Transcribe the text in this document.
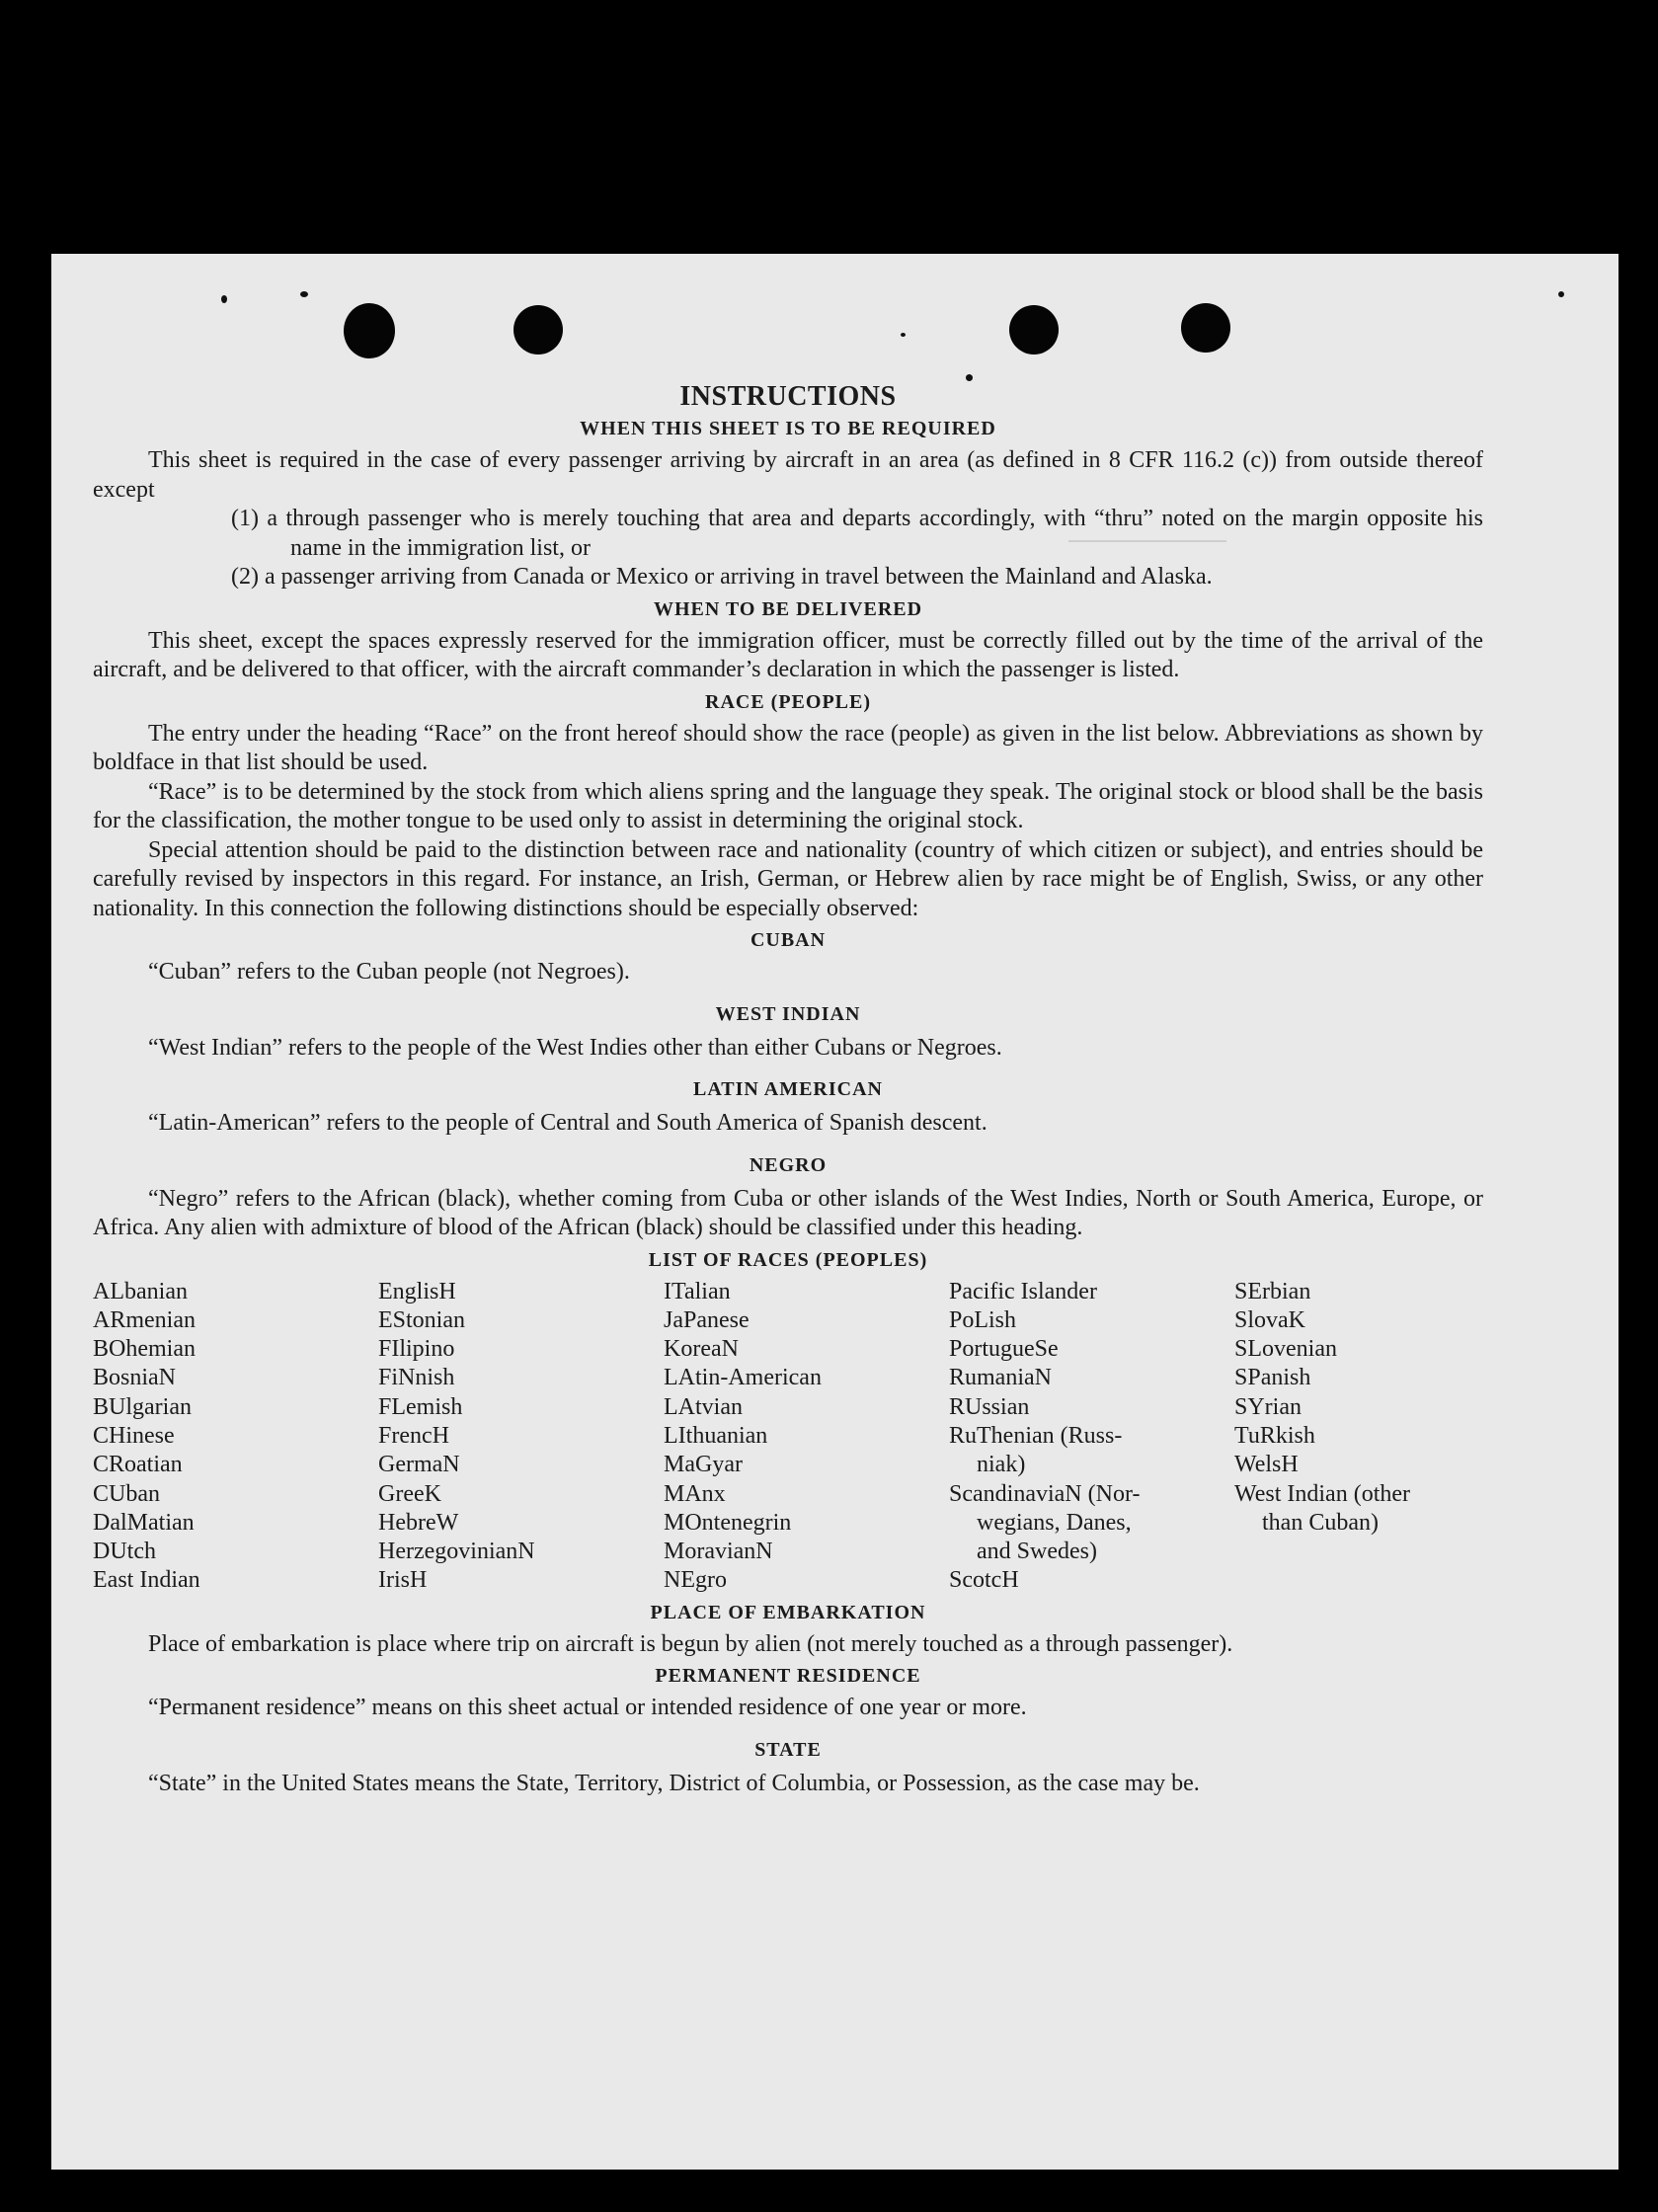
INSTRUCTIONS
WHEN THIS SHEET IS TO BE REQUIRED

This sheet is required in the case of every passenger arriving by aircraft in an area (as defined in 8 CFR 116.2 (c)) from outside thereof except

(1) a through passenger who is merely touching that area and departs accordingly, with “thru” noted on the margin opposite his name in the immigration list, or

(2) a passenger arriving from Canada or Mexico or arriving in travel between the Mainland and Alaska.

WHEN TO BE DELIVERED

This sheet, except the spaces expressly reserved for the immigration officer, must be correctly filled out by the time of the arrival of the aircraft, and be delivered to that officer, with the aircraft commander’s declaration in which the passenger is listed.

RACE (PEOPLE)

The entry under the heading “Race” on the front hereof should show the race (people) as given in the list below. Abbreviations as shown by boldface in that list should be used.

“Race” is to be determined by the stock from which aliens spring and the language they speak. The original stock or blood shall be the basis for the classification, the mother tongue to be used only to assist in determining the original stock.

Special attention should be paid to the distinction between race and nationality (country of which citizen or subject), and entries should be carefully revised by inspectors in this regard. For instance, an Irish, German, or Hebrew alien by race might be of English, Swiss, or any other nationality. In this connection the following distinctions should be especially observed:

CUBAN

“Cuban” refers to the Cuban people (not Negroes).

WEST INDIAN

“West Indian” refers to the people of the West Indies other than either Cubans or Negroes.

LATIN AMERICAN

“Latin-American” refers to the people of Central and South America of Spanish descent.

NEGRO

“Negro” refers to the African (black), whether coming from Cuba or other islands of the West Indies, North or South America, Europe, or Africa. Any alien with admixture of blood of the African (black) should be classified under this heading.

LIST OF RACES (PEOPLES)
ALbanian
ARmenian
BOhemian
BosniaN
BUlgarian
CHinese
CRoatian
CUban
DalMatian
DUtch
East Indian
EnglisH
EStonian
FIlipino
FiNnish
FLemish
FrencH
GermaN
GreeK
HebreW
HerzegovinianN
IrisH
ITalian
JaPanese
KoreaN
LAtin-American
LAtvian
LIthuanian
MaGyar
MAnx
MOntenegrin
MoravianN
NEgro
Pacific Islander
PoLish
PortugueSe
RumaniaN
RUssian
RuThenian (Russ-
niak)
ScandinaviaN (Nor-
wegians, Danes,
and Swedes)
ScotcH
SErbian
SlovaK
SLovenian
SPanish
SYrian
TuRkish
WelsH
West Indian (other
than Cuban)
PLACE OF EMBARKATION

Place of embarkation is place where trip on aircraft is begun by alien (not merely touched as a through passenger).

PERMANENT RESIDENCE

“Permanent residence” means on this sheet actual or intended residence of one year or more.

STATE

“State” in the United States means the State, Territory, District of Columbia, or Possession, as the case may be.
